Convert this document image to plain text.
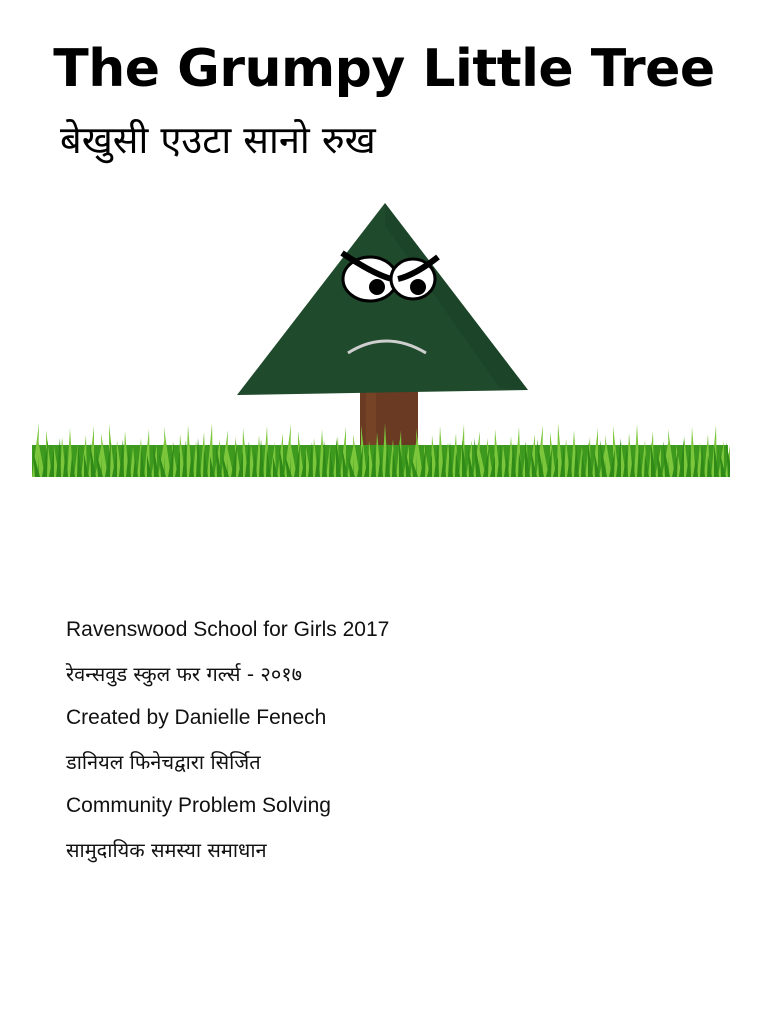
The Grumpy Little Tree
बेखुसी एउटा सानो रुख
Ravenswood School for Girls 2017
रेवन्सवुड स्कुल फर गर्ल्स - २०१७
Created by Danielle Fenech
डानियल फिनेचद्वारा सिर्जित
Community Problem Solving
सामुदायिक समस्या समाधान
